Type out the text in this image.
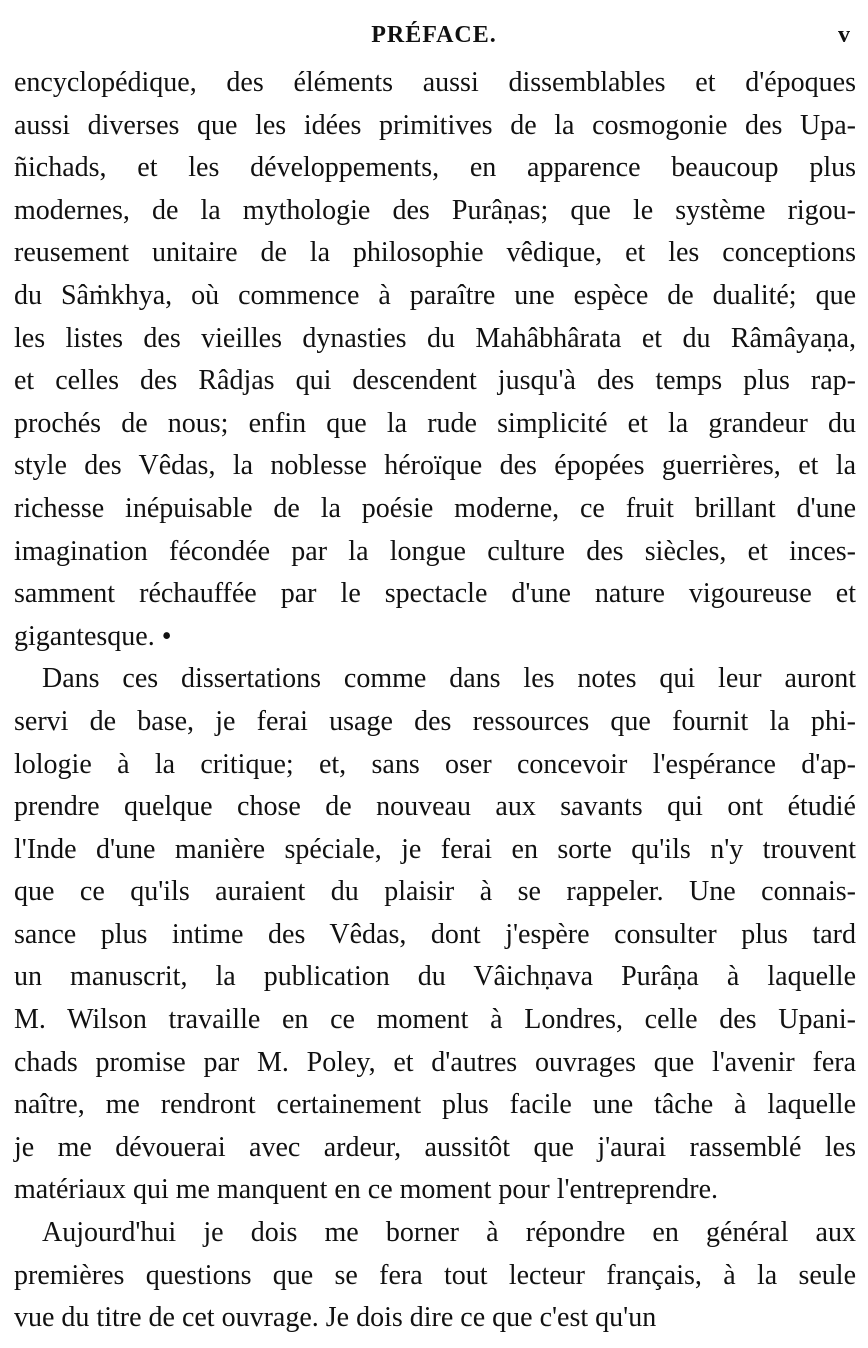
PRÉFACE.	v
encyclopédique, des éléments aussi dissemblables et d'époques
aussi diverses que les idées primitives de la cosmogonie des Upa-
ñichads, et les développements, en apparence beaucoup plus
modernes, de la mythologie des Purâṇas; que le système rigou-
reusement unitaire de la philosophie vêdique, et les conceptions
du Sâṁkhya, où commence à paraître une espèce de dualité; que
les listes des vieilles dynasties du Mahâbhârata et du Râmâyaṇa,
et celles des Râdjas qui descendent jusqu'à des temps plus rap-
prochés de nous; enfin que la rude simplicité et la grandeur du
style des Vêdas, la noblesse héroïque des épopées guerrières, et la
richesse inépuisable de la poésie moderne, ce fruit brillant d'une
imagination fécondée par la longue culture des siècles, et inces-
samment réchauffée par le spectacle d'une nature vigoureuse et
gigantesque. •
Dans ces dissertations comme dans les notes qui leur auront
servi de base, je ferai usage des ressources que fournit la phi-
lologie à la critique; et, sans oser concevoir l'espérance d'ap-
prendre quelque chose de nouveau aux savants qui ont étudié
l'Inde d'une manière spéciale, je ferai en sorte qu'ils n'y trouvent
que ce qu'ils auraient du plaisir à se rappeler. Une connais-
sance plus intime des Vêdas, dont j'espère consulter plus tard
un manuscrit, la publication du Vâichṇava Purâṇa à laquelle
M. Wilson travaille en ce moment à Londres, celle des Upani-
chads promise par M. Poley, et d'autres ouvrages que l'avenir fera
naître, me rendront certainement plus facile une tâche à laquelle
je me dévouerai avec ardeur, aussitôt que j'aurai rassemblé les
matériaux qui me manquent en ce moment pour l'entreprendre.
Aujourd'hui je dois me borner à répondre en général aux
premières questions que se fera tout lecteur français, à la seule
vue du titre de cet ouvrage. Je dois dire ce que c'est qu'un
